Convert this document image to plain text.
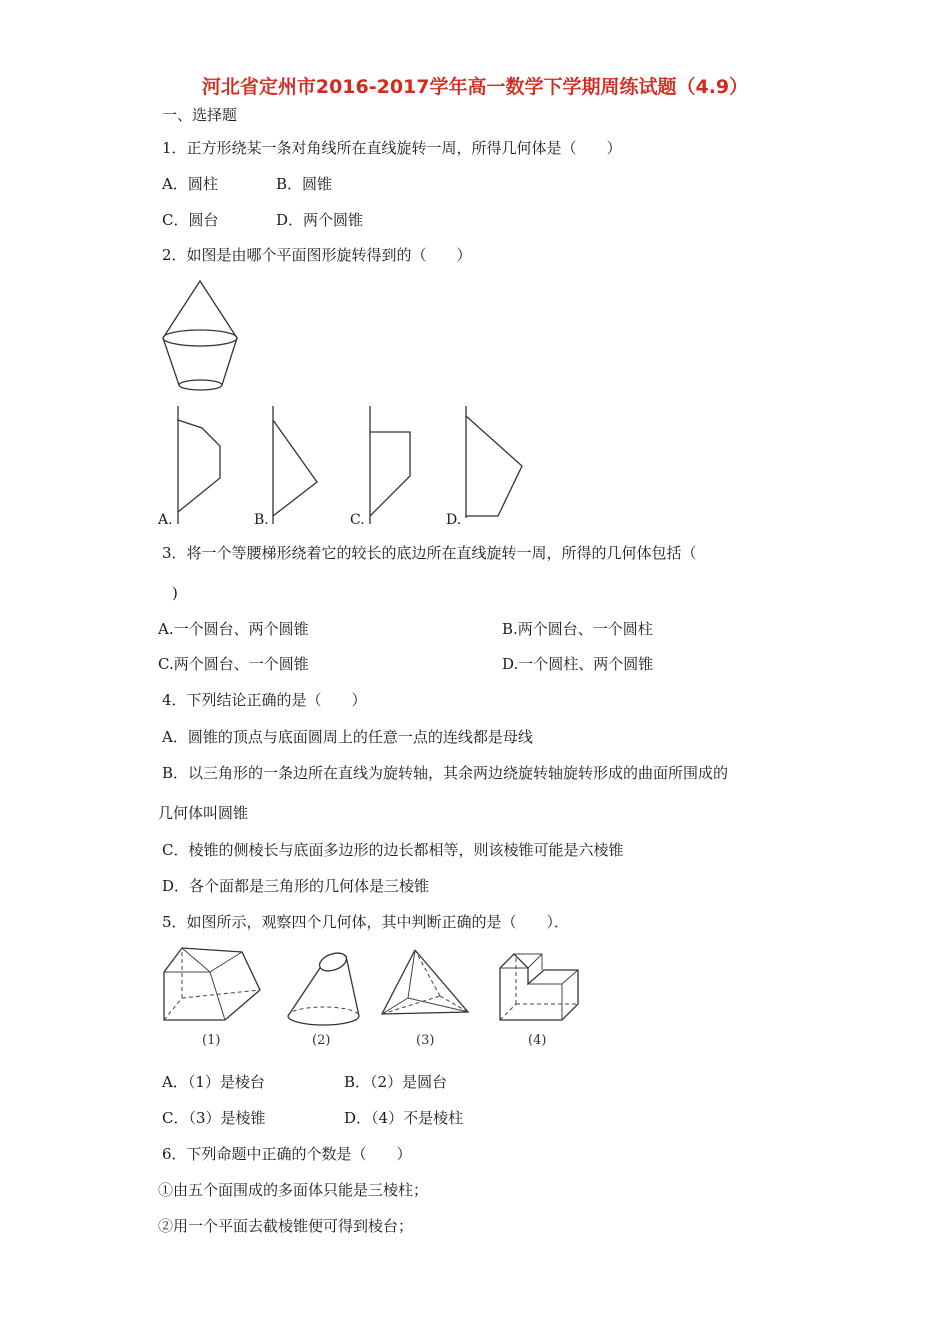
河北省定州市2016-2017学年高一数学下学期周练试题（4.9）
一、选择题
1．正方形绕某一条对角线所在直线旋转一周，所得几何体是（　　）
A．圆柱	B．圆锥
C．圆台	D．两个圆锥
2．如图是由哪个平面图形旋转得到的（　　）
A.	B.	C.	D.
3．将一个等腰梯形绕着它的较长的底边所在直线旋转一周，所得的几何体包括（
)
A.一个圆台、两个圆锥	B.两个圆台、一个圆柱
C.两个圆台、一个圆锥	D.一个圆柱、两个圆锥
4．下列结论正确的是（　　）
A．圆锥的顶点与底面圆周上的任意一点的连线都是母线
B．以三角形的一条边所在直线为旋转轴，其余两边绕旋转轴旋转形成的曲面所围成的
几何体叫圆锥
C．棱锥的侧棱长与底面多边形的边长都相等，则该棱锥可能是六棱锥
D．各个面都是三角形的几何体是三棱锥
5．如图所示，观察四个几何体，其中判断正确的是（　　）．
(1)	(2)	(3)	(4)
A．（1）是棱台	B．（2）是圆台
C．（3）是棱锥	D．（4）不是棱柱
6．下列命题中正确的个数是（　　）
①由五个面围成的多面体只能是三棱柱；
②用一个平面去截棱锥便可得到棱台；
